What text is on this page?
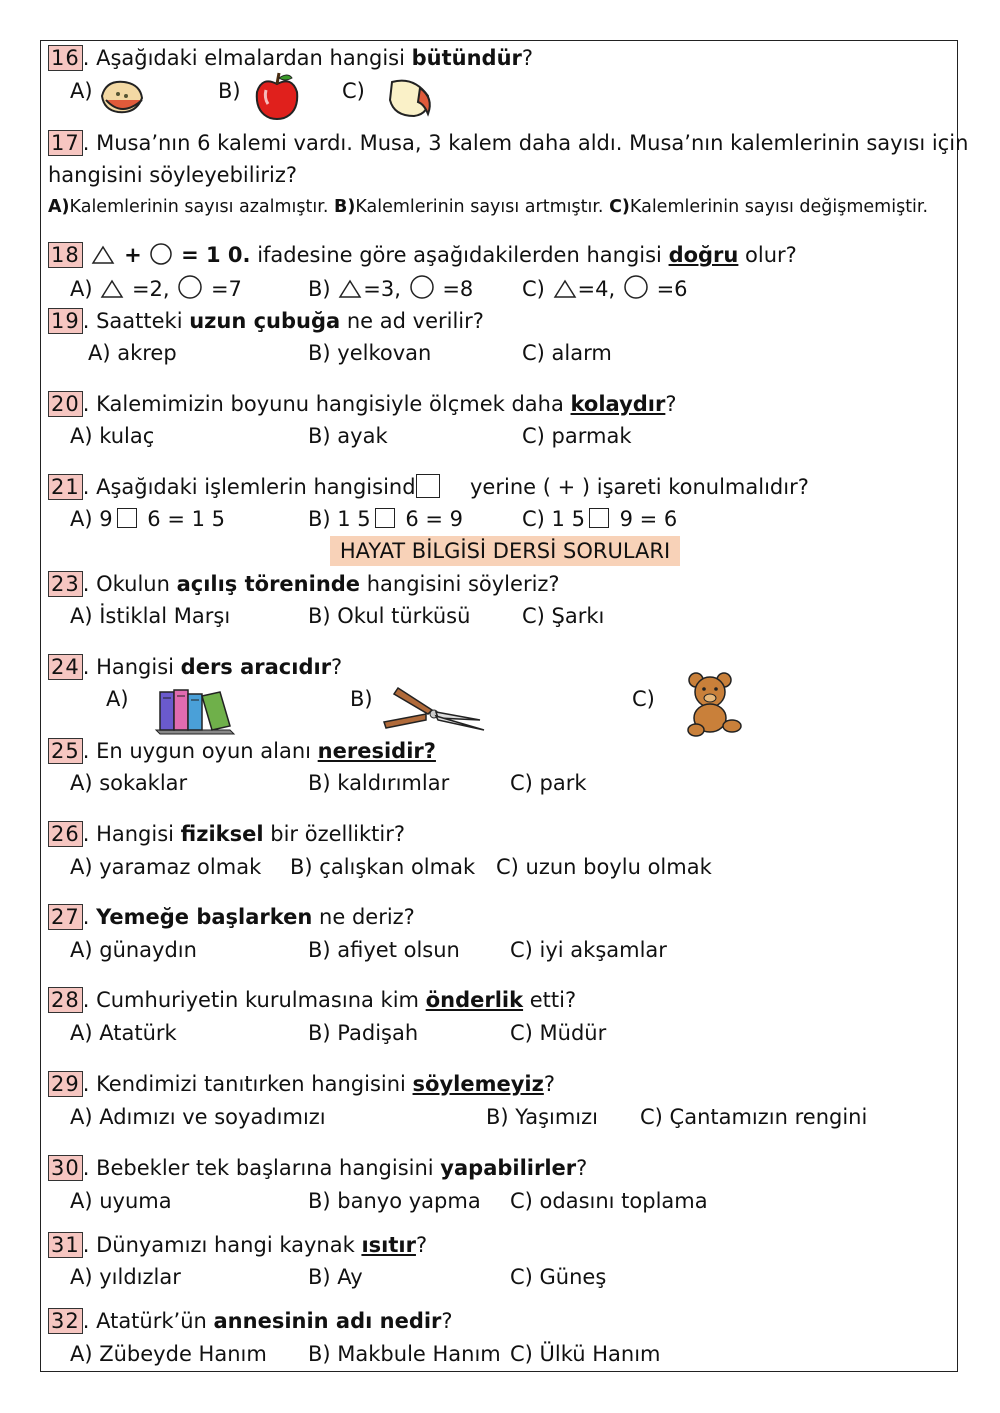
16 . Aşağıdaki elmalardan hangisi bütündür?
A)	B)	C)
17 . Musa’nın 6 kalemi vardı. Musa, 3 kalem daha aldı. Musa’nın kalemlerinin sayısı için
hangisini söyleyebiliriz?
A)Kalemlerinin sayısı azalmıştır. B)Kalemlerinin sayısı artmıştır. C)Kalemlerinin sayısı değişmemiştir.
18 + = 1 0. ifadesine göre aşağıdakilerden hangisi doğru olur?
A) =2, =7	B) =3, =8 C) =4, =6
19 . Saatteki uzun çubuğa ne ad verilir?
A) akrep	B) yelkovan	C) alarm
20 . Kalemimizin boyunu hangisiyle ölçmek daha kolaydır?
A) kulaç	B) ayak	C) parmak
21 . Aşağıdaki işlemlerin hangisind	yerine ( + ) işareti konulmalıdır?
A) 9 6 = 1 5	B) 1 5 6 = 9	C) 1 5 9 = 6
HAYAT BİLGİSİ DERSİ SORULARI
23 . Okulun açılış töreninde hangisini söyleriz?
A) İstiklal Marşı	B) Okul türküsü C) Şarkı
24 . Hangisi ders aracıdır?
A)	B)	C)
25 . En uygun oyun alanı neresidir?
A) sokaklar	B) kaldırımlar	C) park
26 . Hangisi fiziksel bir özelliktir?
A) yaramaz olmak B) çalışkan olmak C) uzun boylu olmak
27 . Yemeğe başlarken ne deriz?
A) günaydın	B) afiyet olsun C) iyi akşamlar
28 . Cumhuriyetin kurulmasına kim önderlik etti?
A) Atatürk	B) Padişah	C) Müdür
29 . Kendimizi tanıtırken hangisini söylemeyiz?
A) Adımızı ve soyadımızı	B) Yaşımızı C) Çantamızın rengini
30 . Bebekler tek başlarına hangisini yapabilirler?
A) uyuma	B) banyo yapma C) odasını toplama
31 . Dünyamızı hangi kaynak ısıtır?
A) yıldızlar	B) Ay	C) Güneş
32 . Atatürk’ün annesinin adı nedir?
A) Zübeyde Hanım B) Makbule Hanım C) Ülkü Hanım
